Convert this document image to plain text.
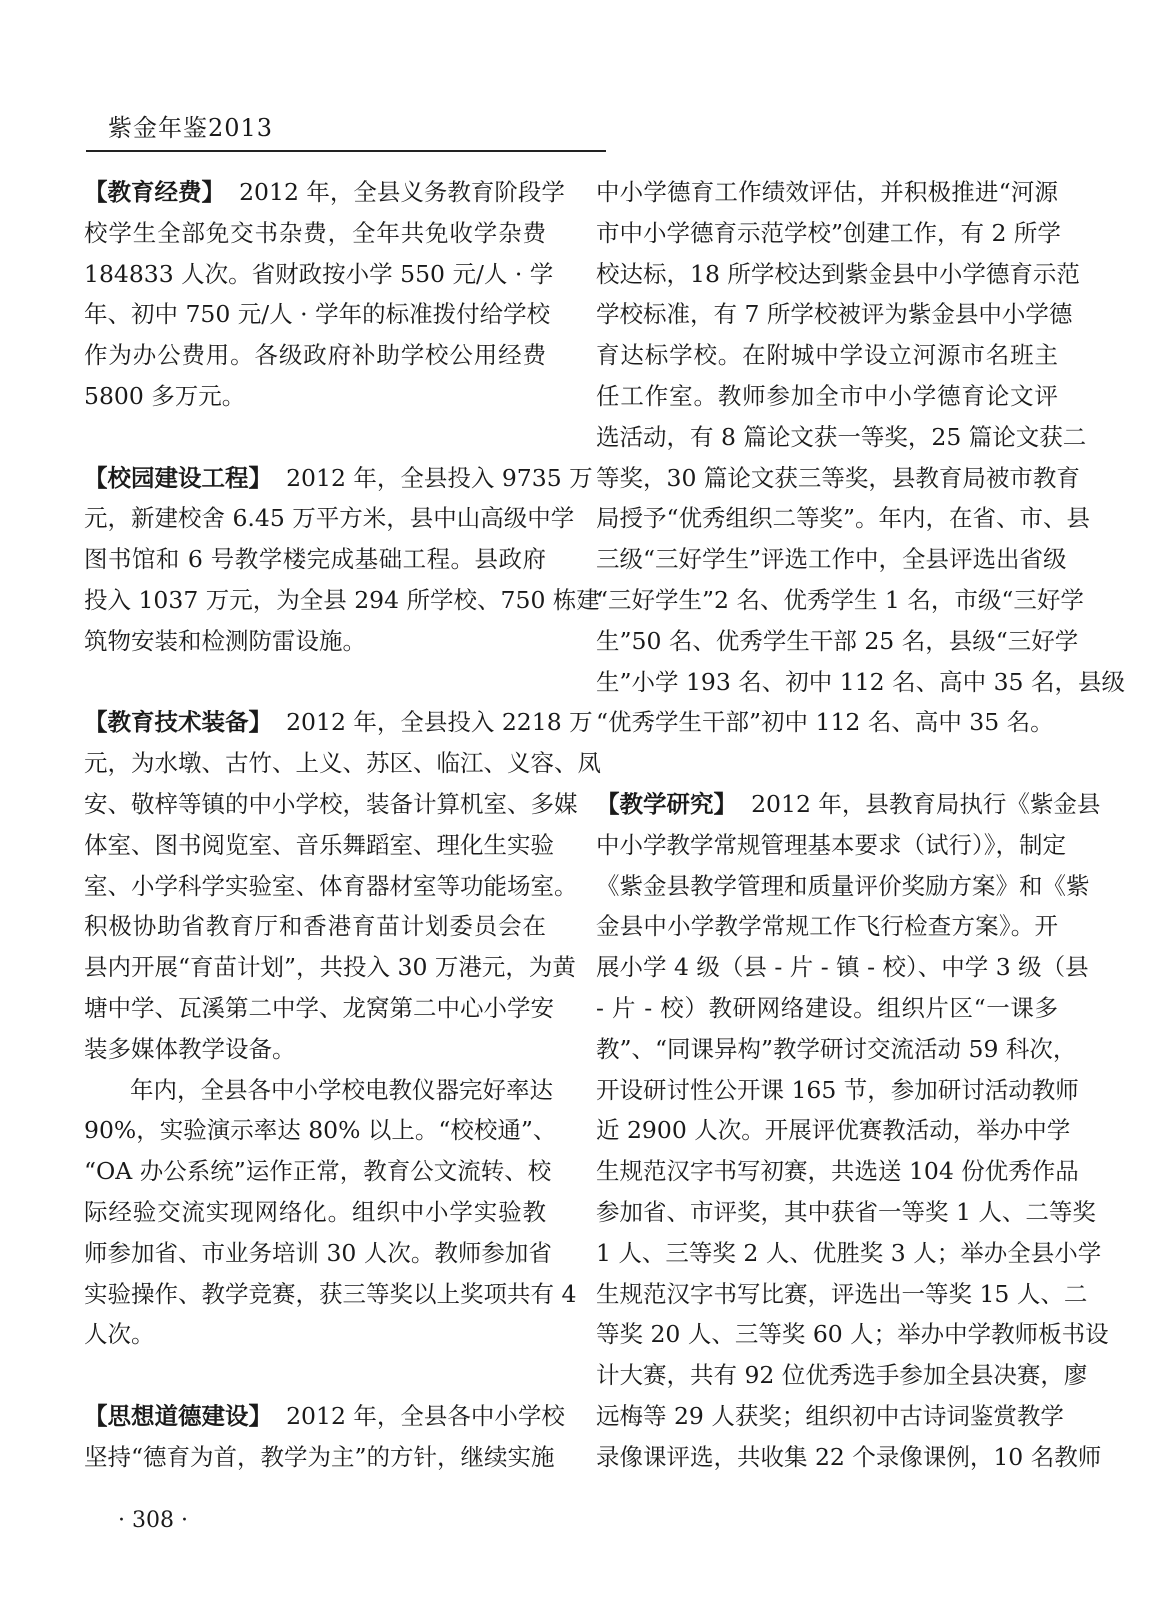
紫金年鉴2013
【教育经费】 2012 年，全县义务教育阶段学
校学生全部免交书杂费，全年共免收学杂费
184833 人次。省财政按小学 550 元/人 · 学
年、初中 750 元/人 · 学年的标准拨付给学校
作为办公费用。各级政府补助学校公用经费
5800 多万元。
【校园建设工程】 2012 年，全县投入 9735 万
元，新建校舍 6.45 万平方米，县中山高级中学
图书馆和 6 号教学楼完成基础工程。县政府
投入 1037 万元，为全县 294 所学校、750 栋建
筑物安装和检测防雷设施。
【教育技术装备】 2012 年，全县投入 2218 万
元，为水墩、古竹、上义、苏区、临江、义容、凤
安、敬梓等镇的中小学校，装备计算机室、多媒
体室、图书阅览室、音乐舞蹈室、理化生实验
室、小学科学实验室、体育器材室等功能场室。
积极协助省教育厅和香港育苗计划委员会在
县内开展“育苗计划”，共投入 30 万港元，为黄
塘中学、瓦溪第二中学、龙窝第二中心小学安
装多媒体教学设备。
年内，全县各中小学校电教仪器完好率达
90%，实验演示率达 80% 以上。“校校通”、
“OA 办公系统”运作正常，教育公文流转、校
际经验交流实现网络化。组织中小学实验教
师参加省、市业务培训 30 人次。教师参加省
实验操作、教学竞赛，获三等奖以上奖项共有 4
人次。
【思想道德建设】 2012 年，全县各中小学校
坚持“德育为首，教学为主”的方针，继续实施
中小学德育工作绩效评估，并积极推进“河源
市中小学德育示范学校”创建工作，有 2 所学
校达标，18 所学校达到紫金县中小学德育示范
学校标准，有 7 所学校被评为紫金县中小学德
育达标学校。在附城中学设立河源市名班主
任工作室。教师参加全市中小学德育论文评
选活动，有 8 篇论文获一等奖，25 篇论文获二
等奖，30 篇论文获三等奖，县教育局被市教育
局授予“优秀组织二等奖”。年内，在省、市、县
三级“三好学生”评选工作中，全县评选出省级
“三好学生”2 名、优秀学生 1 名，市级“三好学
生”50 名、优秀学生干部 25 名，县级“三好学
生”小学 193 名、初中 112 名、高中 35 名，县级
“优秀学生干部”初中 112 名、高中 35 名。
【教学研究】 2012 年，县教育局执行《紫金县
中小学教学常规管理基本要求（试行）》，制定
《紫金县教学管理和质量评价奖励方案》和《紫
金县中小学教学常规工作飞行检查方案》。开
展小学 4 级（县 - 片 - 镇 - 校）、中学 3 级（县
- 片 - 校）教研网络建设。组织片区“一课多
教”、“同课异构”教学研讨交流活动 59 科次，
开设研讨性公开课 165 节，参加研讨活动教师
近 2900 人次。开展评优赛教活动，举办中学
生规范汉字书写初赛，共选送 104 份优秀作品
参加省、市评奖，其中获省一等奖 1 人、二等奖
1 人、三等奖 2 人、优胜奖 3 人；举办全县小学
生规范汉字书写比赛，评选出一等奖 15 人、二
等奖 20 人、三等奖 60 人；举办中学教师板书设
计大赛，共有 92 位优秀选手参加全县决赛，廖
远梅等 29 人获奖；组织初中古诗词鉴赏教学
录像课评选，共收集 22 个录像课例，10 名教师
· 308 ·
